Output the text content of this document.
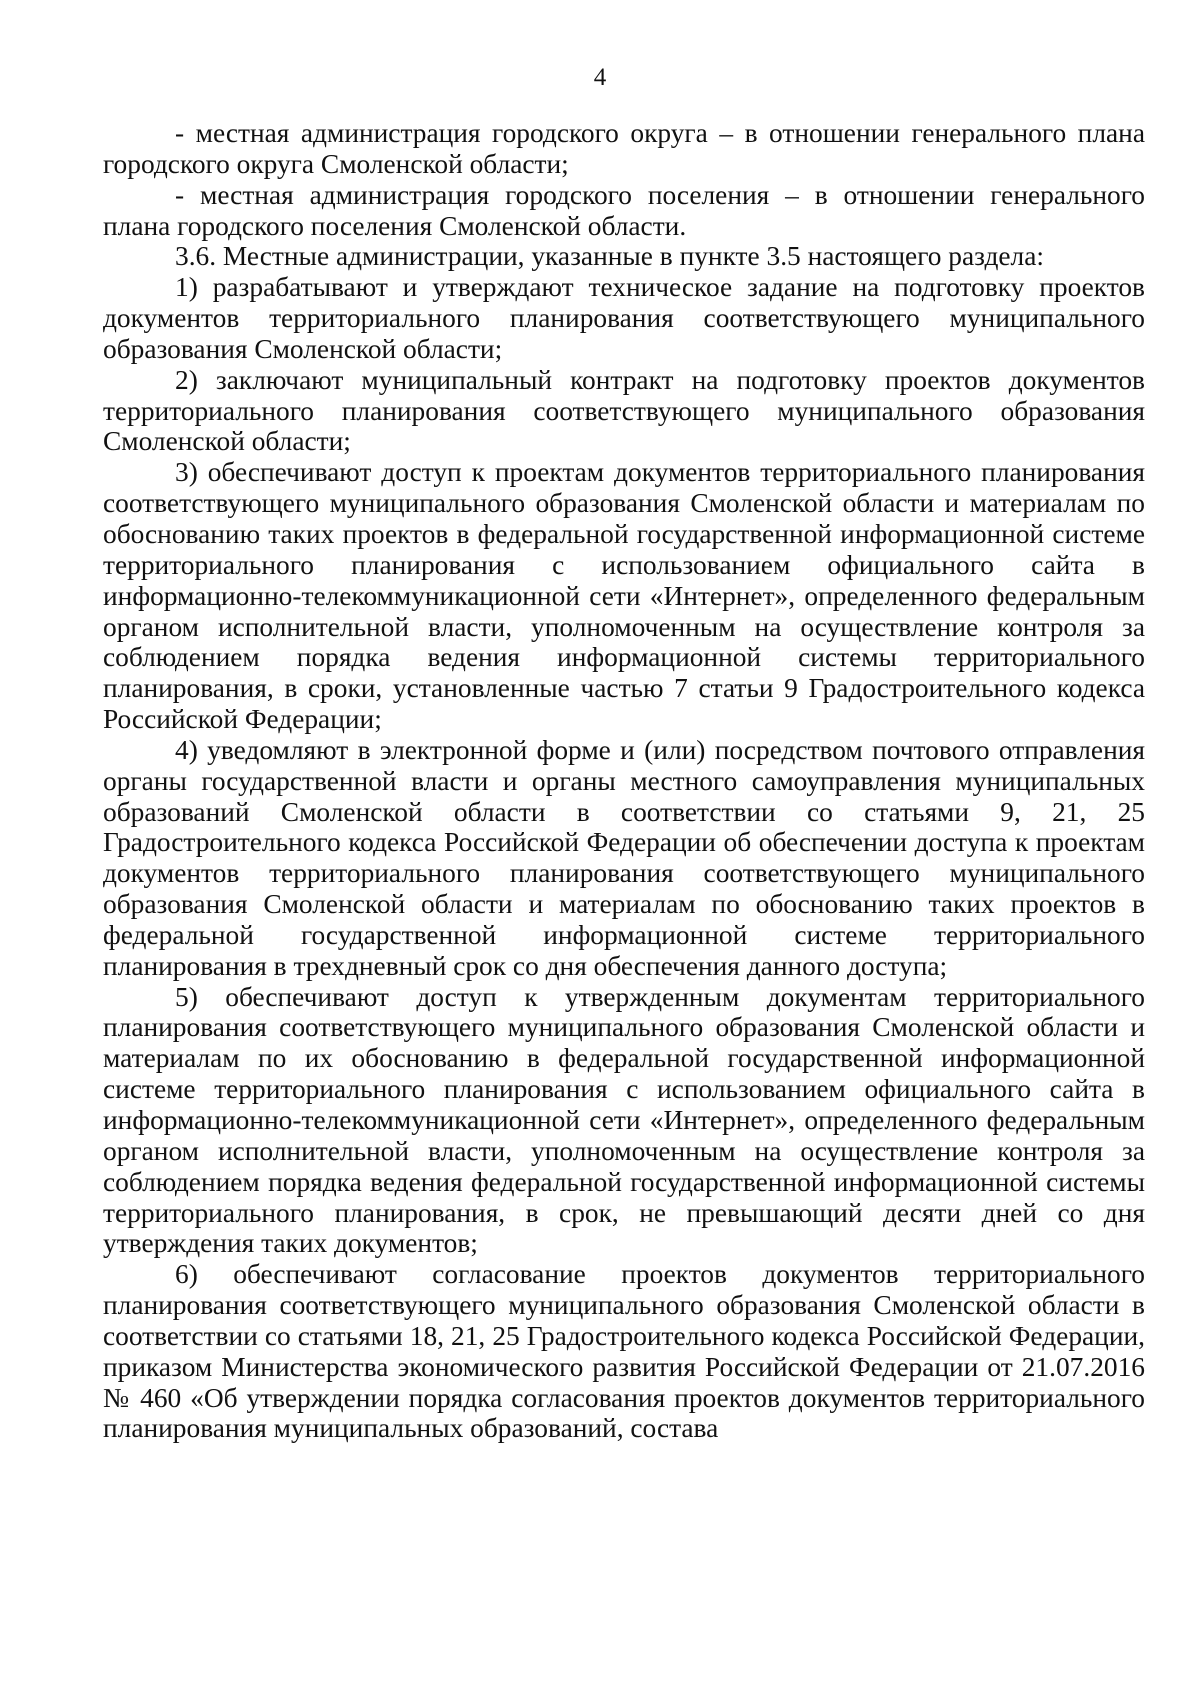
4

- местная администрация городского округа – в отношении генерального плана городского округа Смоленской области;

- местная администрация городского поселения – в отношении генерального плана городского поселения Смоленской области.

3.6. Местные администрации, указанные в пункте 3.5 настоящего раздела:

1) разрабатывают и утверждают техническое задание на подготовку проектов документов территориального планирования соответствующего муниципального образования Смоленской области;

2) заключают муниципальный контракт на подготовку проектов документов территориального планирования соответствующего муниципального образования Смоленской области;

3) обеспечивают доступ к проектам документов территориального планирования соответствующего муниципального образования Смоленской области и материалам по обоснованию таких проектов в федеральной государственной информационной системе территориального планирования с использованием официального сайта в информационно-телекоммуникационной сети «Интернет», определенного федеральным органом исполнительной власти, уполномоченным на осуществление контроля за соблюдением порядка ведения информационной системы территориального планирования, в сроки, установленные частью 7 статьи 9 Градостроительного кодекса Российской Федерации;

4) уведомляют в электронной форме и (или) посредством почтового отправления органы государственной власти и органы местного самоуправления муниципальных образований Смоленской области в соответствии со статьями 9, 21, 25 Градостроительного кодекса Российской Федерации об обеспечении доступа к проектам документов территориального планирования соответствующего муниципального образования Смоленской области и материалам по обоснованию таких проектов в федеральной государственной информационной системе территориального планирования в трехдневный срок со дня обеспечения данного доступа;

5) обеспечивают доступ к утвержденным документам территориального планирования соответствующего муниципального образования Смоленской области и материалам по их обоснованию в федеральной государственной информационной системе территориального планирования с использованием официального сайта в информационно-телекоммуникационной сети «Интернет», определенного федеральным органом исполнительной власти, уполномоченным на осуществление контроля за соблюдением порядка ведения федеральной государственной информационной системы территориального планирования, в срок, не превышающий десяти дней со дня утверждения таких документов;

6) обеспечивают согласование проектов документов территориального планирования соответствующего муниципального образования Смоленской области в соответствии со статьями 18, 21, 25 Градостроительного кодекса Российской Федерации, приказом Министерства экономического развития Российской Федерации от 21.07.2016 № 460 «Об утверждении порядка согласования проектов документов территориального планирования муниципальных образований, состава
